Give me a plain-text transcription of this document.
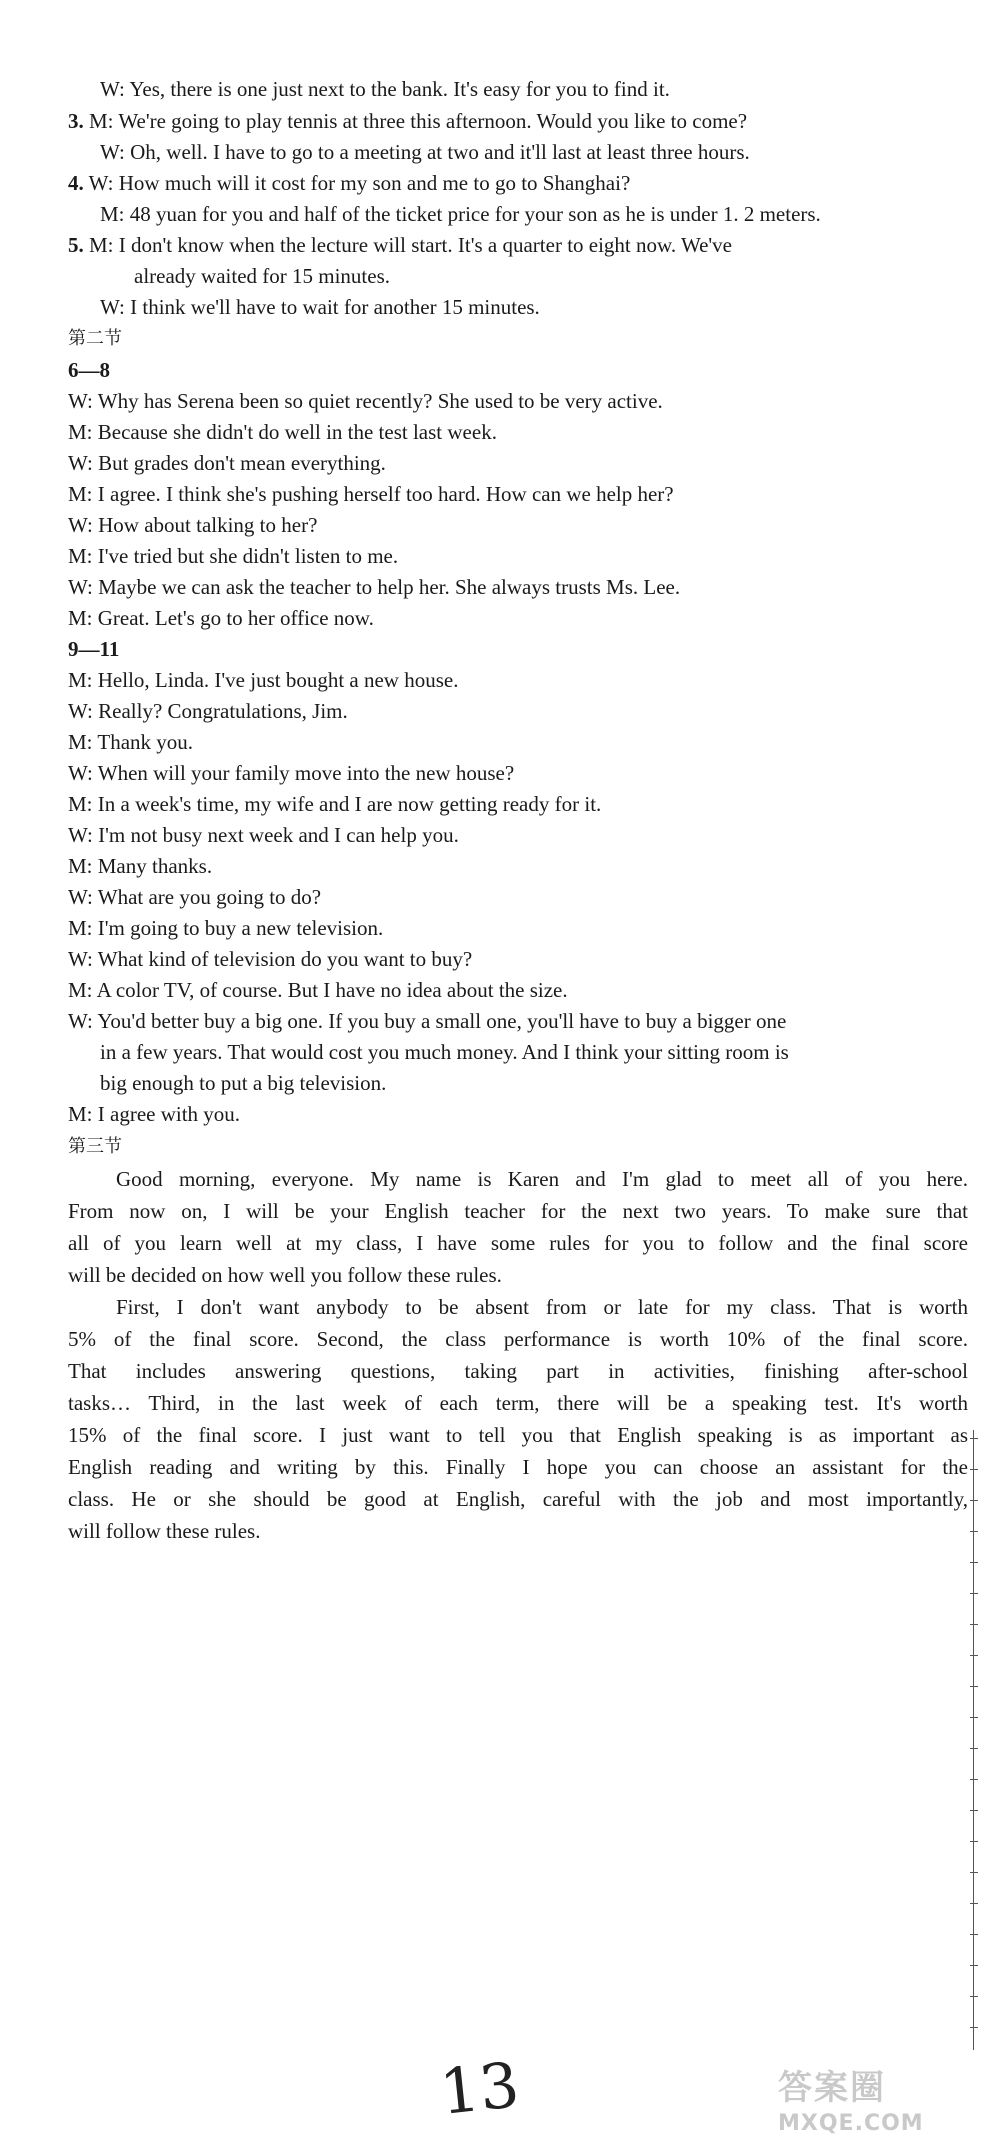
W: Yes, there is one just next to the bank. It's easy for you to find it.
3. M: We're going to play tennis at three this afternoon. Would you like to come?
W: Oh, well. I have to go to a meeting at two and it'll last at least three hours.
4. W: How much will it cost for my son and me to go to Shanghai?
M: 48 yuan for you and half of the ticket price for your son as he is under 1. 2 meters.
5. M: I don't know when the lecture will start. It's a quarter to eight now. We've
already waited for 15 minutes.
W: I think we'll have to wait for another 15 minutes.
第二节
6—8
W: Why has Serena been so quiet recently? She used to be very active.
M: Because she didn't do well in the test last week.
W: But grades don't mean everything.
M: I agree. I think she's pushing herself too hard. How can we help her?
W: How about talking to her?
M: I've tried but she didn't listen to me.
W: Maybe we can ask the teacher to help her. She always trusts Ms. Lee.
M: Great. Let's go to her office now.
9—11
M: Hello, Linda. I've just bought a new house.
W: Really? Congratulations, Jim.
M: Thank you.
W: When will your family move into the new house?
M: In a week's time, my wife and I are now getting ready for it.
W: I'm not busy next week and I can help you.
M: Many thanks.
W: What are you going to do?
M: I'm going to buy a new television.
W: What kind of television do you want to buy?
M: A color TV, of course. But I have no idea about the size.
W: You'd better buy a big one. If you buy a small one, you'll have to buy a bigger one
in a few years. That would cost you much money. And I think your sitting room is
big enough to put a big television.
M: I agree with you.
第三节
Good morning, everyone. My name is Karen and I'm glad to meet all of you here.
From now on, I will be your English teacher for the next two years. To make sure that
all of you learn well at my class, I have some rules for you to follow and the final score
will be decided on how well you follow these rules.
First, I don't want anybody to be absent from or late for my class. That is worth
5% of the final score. Second, the class performance is worth 10% of the final score.
That includes answering questions, taking part in activities, finishing after-school
tasks… Third, in the last week of each term, there will be a speaking test. It's worth
15% of the final score. I just want to tell you that English speaking is as important as
English reading and writing by this. Finally I hope you can choose an assistant for the
class. He or she should be good at English, careful with the job and most importantly,
will follow these rules.
13	答案圈
MXQE.COM
